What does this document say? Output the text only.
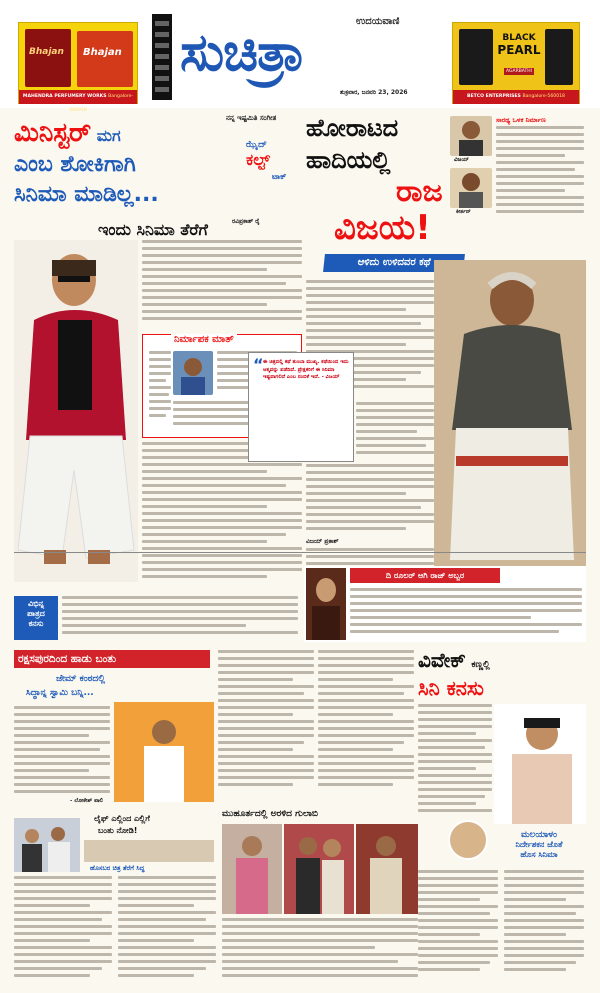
Bhajan Bhajan
MAHENDRA PERFUMERY WORKS Bangalore-560018
ಉದಯವಾಣಿ
ಸುಚಿತ್ರಾ
ಶುಕ್ರವಾರ, ಜನವರಿ 23, 2026
BLACK
PEARL
AGARBATHI
BETCO ENTERPRISES Bangalore-560018
ಮಿನಿಸ್ಟರ್ ಮಗ
ಎಂಬ ಶೋಕಿಗಾಗಿ
ಸಿನಿಮಾ ಮಾಡಿಲ್ಲ...
ನನ್ನ ಇಷ್ಟಮಿತಿ ಸಂಗೀತ
ಝೈದ್
ಕಲ್ಟ್
ಟಾಕ್
ರವಿಪ್ರಕಾಶ್ ರೈ
ಇಂದು ಸಿನಿಮಾ ತೆರೆಗೆ
ನಿರ್ಮಾಪಕ ಮಾತ್
ಹೋರಾಟದ
ಹಾದಿಯಲ್ಲಿ
ರಾಜ
ವಿಜಯ!
ವಿಜಯ್
ಕೀರ್ತನ್
ಸಾರಥ್ಯ ಒಳಕ ನಿರ್ಮಾಣ
ಆಳಿದು ಉಳಿದವರ ಕಥೆ
“ ಈ ಚಿತ್ರದಲ್ಲಿ ಕಥೆ ತುಂಬಾ ಮುಖ್ಯ. ಕಥೆಯಿಂದ ಇದು ಆತ್ಮವನ್ನು ಪಡೆದಿದೆ. ಪ್ರೇಕ್ಷಕರಿಗೆ ಈ ಸಿನಿಮಾ ಇಷ್ಟವಾಗಲಿದೆ ಎಂಬ ನಂಬಿಕೆ ಇದೆ. - ವಿಜಯ್
ವಿಜಯ್ ಪ್ರಕಾಶ್
ವಿಭಿನ್ನ
ಪಾತ್ರದ
ಕನಸು
ದಿ ರೂಲರ್ ಆಗಿ ರಾಜ್ ಅಬ್ಬರ
ರಕ್ಷಸಪುರದಿಂದ ಹಾಡು ಬಂತು
ಜೇಮ್ ಕಂಠದಲ್ಲಿ
ಸಿದ್ಧಾನ್ನ ಸ್ವಾಮಿ ಬನ್ನಿ...
- ಲೋಕೇಶ್ ಪಾಲಿ
ವಿವೇಕ್ ಕಣ್ಣಲ್ಲಿ
ಸಿನಿ ಕನಸು
ಮಲಯಾಳಂ
ನಿರ್ದೇಶಕನ ಜೊತೆ
ಹೊಸ ಸಿನಿಮಾ
ಲೈಫ್ ಎಲ್ಲಿಂದ ಎಲ್ಲಿಗೆ
ಬಂತು ನೋಡಿ!
ಹೊಸಬರ ಚಿತ್ರ ತೆರೆಗೆ ಸಿದ್ಧ
ಮುಹೂರ್ತದಲ್ಲಿ ಅರಳಿದ ಗುಲಾಬಿ
